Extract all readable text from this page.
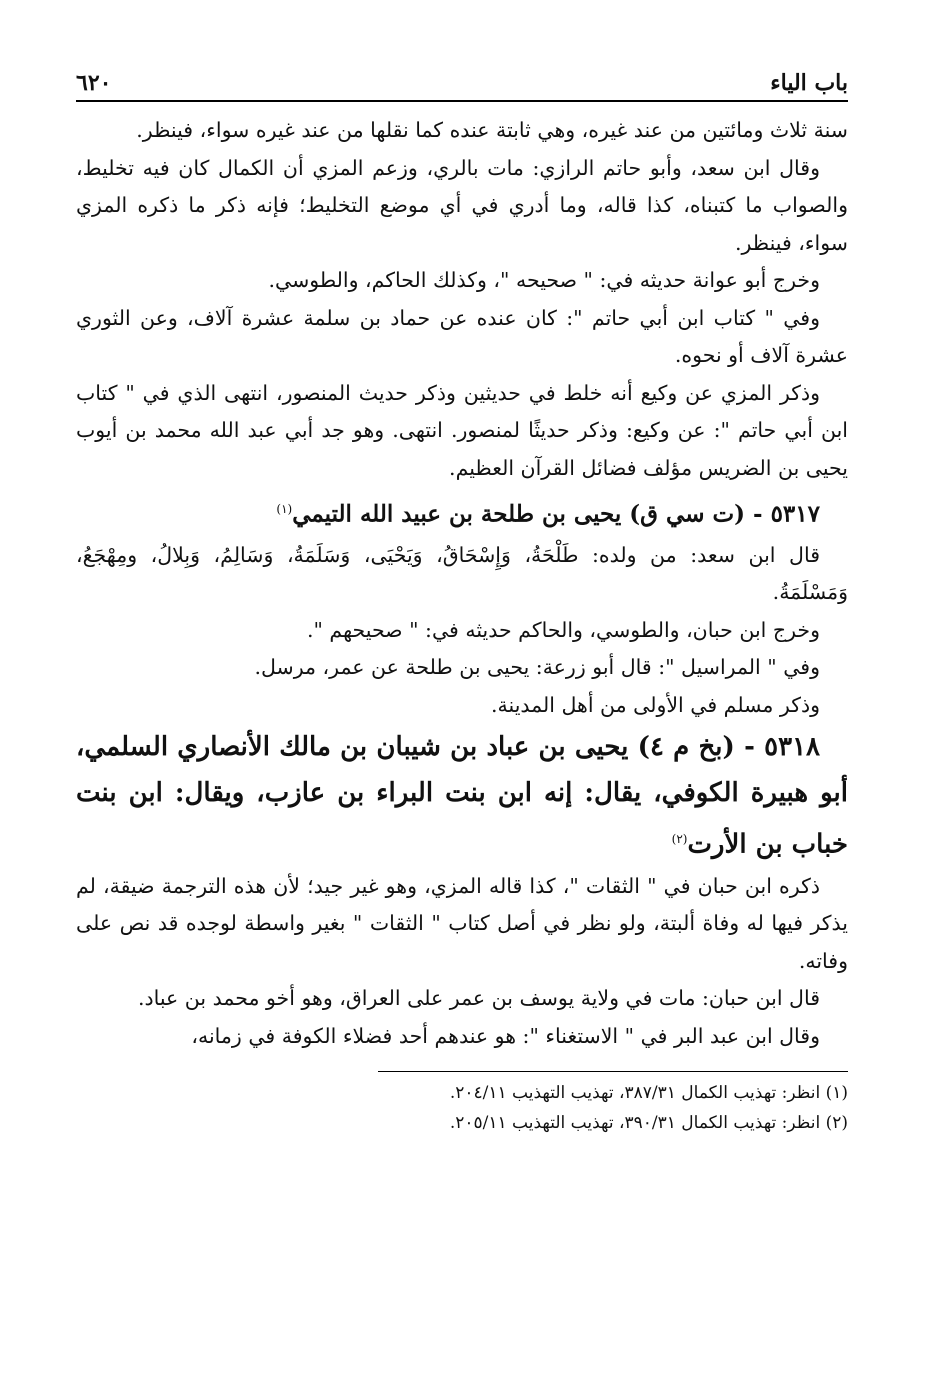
باب الياء
٦٢٠

سنة ثلاث ومائتين من عند غيره، وهي ثابتة عنده كما نقلها من عند غيره سواء، فينظر.

وقال ابن سعد، وأبو حاتم الرازي: مات بالري، وزعم المزي أن الكمال كان فيه تخليط، والصواب ما كتبناه، كذا قاله، وما أدري في أي موضع التخليط؛ فإنه ذكر ما ذكره المزي سواء، فينظر.

وخرج أبو عوانة حديثه في: " صحيحه "، وكذلك الحاكم، والطوسي.

وفي " كتاب ابن أبي حاتم ": كان عنده عن حماد بن سلمة عشرة آلاف، وعن الثوري عشرة آلاف أو نحوه.

وذكر المزي عن وكيع أنه خلط في حديثين وذكر حديث المنصور، انتهى الذي في " كتاب ابن أبي حاتم ": عن وكيع: وذكر حديثًا لمنصور. انتهى. وهو جد أبي عبد الله محمد بن أيوب يحيى بن الضريس مؤلف فضائل القرآن العظيم.

٥٣١٧ - (ت سي ق) يحيى بن طلحة بن عبيد الله التيمي$^{(١)}$

قال ابن سعد: من ولده: طَلْحَةُ، وَإِسْحَاقُ، وَيَحْيَى، وَسَلَمَةُ، وَسَالِمُ، وَبِلالُ، ومِهْجَعُ، وَمَسْلَمَةُ.

وخرج ابن حبان، والطوسي، والحاكم حديثه في: " صحيحهم ".

وفي " المراسيل ": قال أبو زرعة: يحيى بن طلحة عن عمر، مرسل.

وذكر مسلم في الأولى من أهل المدينة.

٥٣١٨ - (بخ م ٤) يحيى بن عباد بن شيبان بن مالك الأنصاري السلمي، أبو هبيرة الكوفي، يقال: إنه ابن بنت البراء بن عازب، ويقال: ابن بنت خباب بن الأرت$^{(٢)}$

ذكره ابن حبان في " الثقات "، كذا قاله المزي، وهو غير جيد؛ لأن هذه الترجمة ضيقة، لم يذكر فيها له وفاة ألبتة، ولو نظر في أصل كتاب " الثقات " بغير واسطة لوجده قد نص على وفاته.

قال ابن حبان: مات في ولاية يوسف بن عمر على العراق، وهو أخو محمد بن عباد.

وقال ابن عبد البر في " الاستغناء ": هو عندهم أحد فضلاء الكوفة في زمانه،

(١) انظر: تهذيب الكمال ٣٨٧/٣١، تهذيب التهذيب ٢٠٤/١١.

(٢) انظر: تهذيب الكمال ٣٩٠/٣١، تهذيب التهذيب ٢٠٥/١١.
